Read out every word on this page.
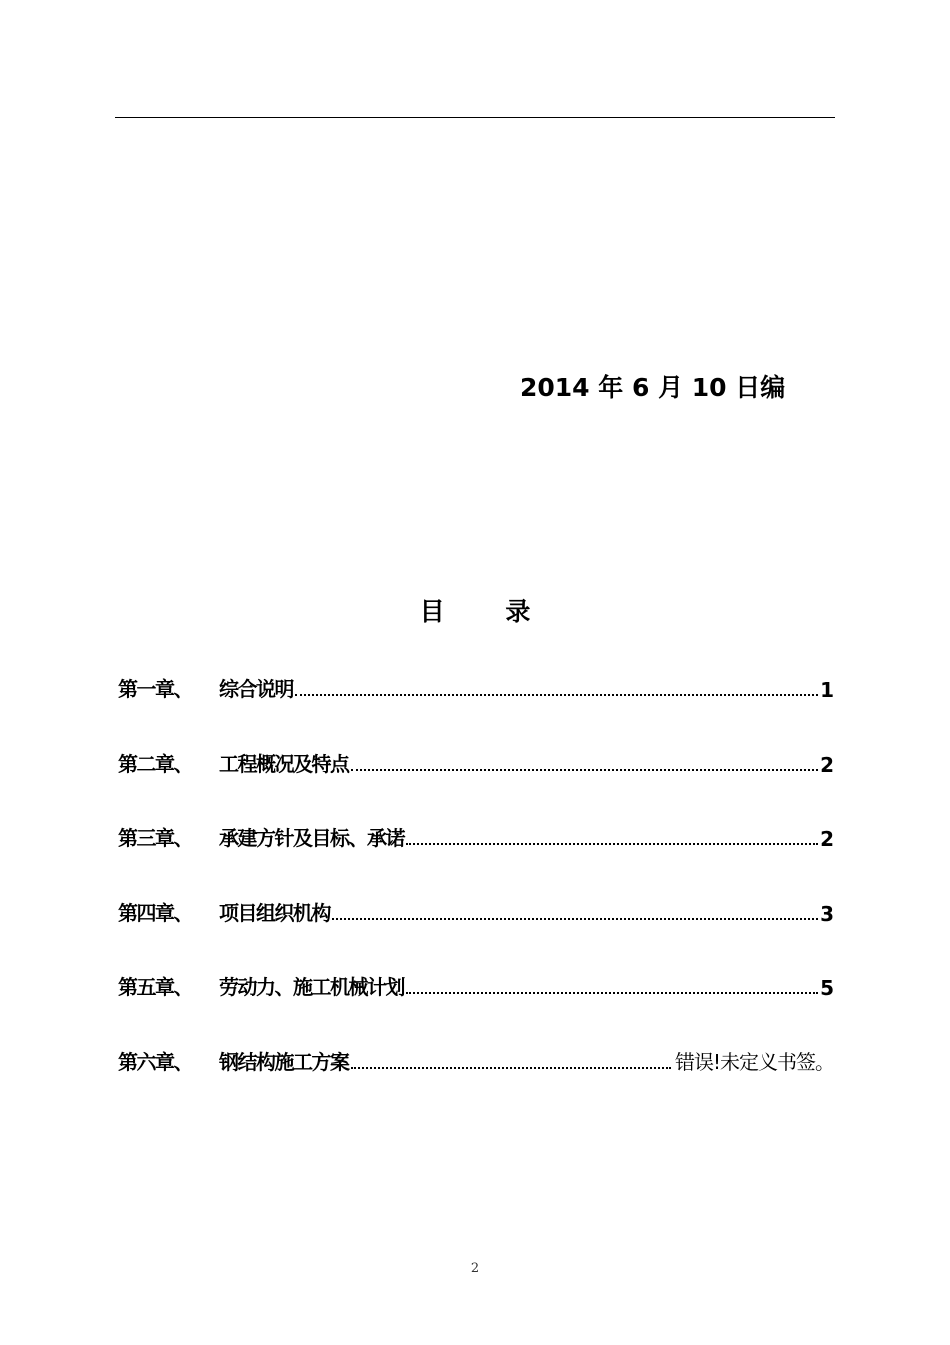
2014 年 6 月 10 日编
目 录
第一章、	综合说明	1
第二章、	工程概况及特点	2
第三章、	承建方针及目标、承诺	2
第四章、	项目组织机构	3
第五章、	劳动力、施工机械计划	5
第六章、	钢结构施工方案	错误!未定义书签。
2
